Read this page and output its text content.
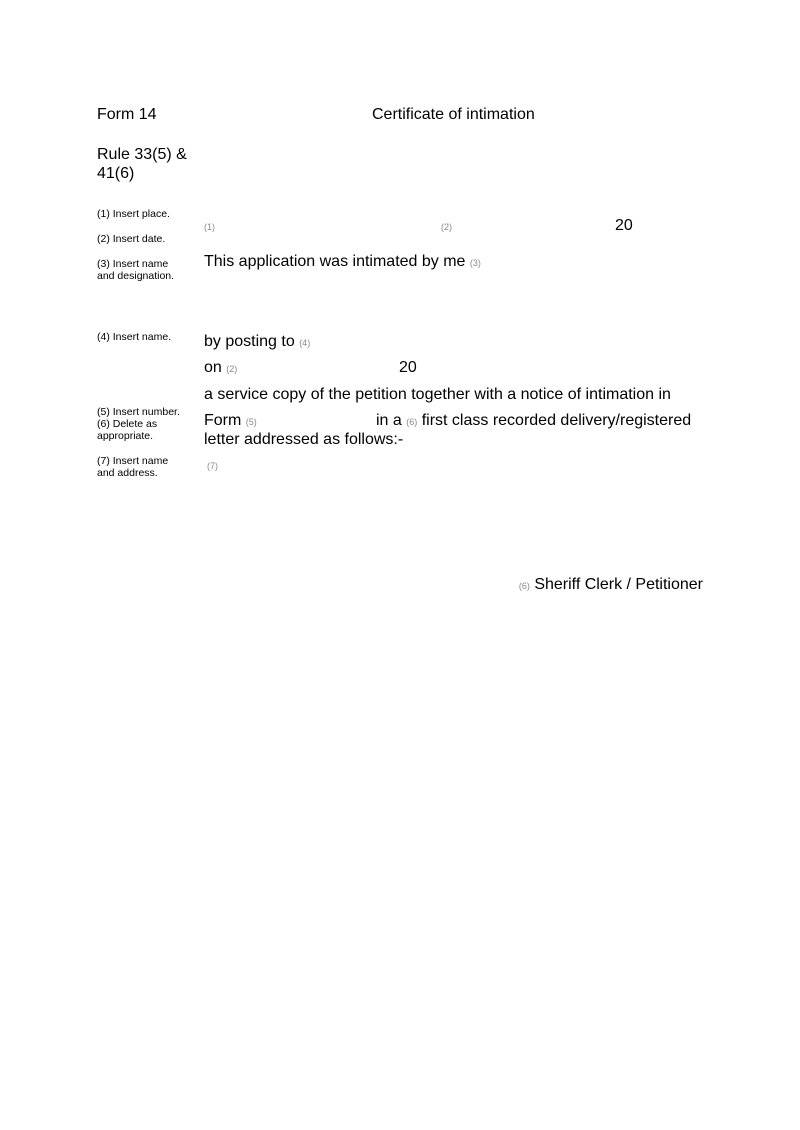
Form 14	Certificate of intimation
Rule 33(5) & 41(6)
(1) Insert place.
(2) Insert date.
(3) Insert name and designation.
(4) Insert name.
(5) Insert number.
(6) Delete as appropriate.
(7) Insert name and address.
(1)	(2)	20
This application was intimated by me (3)
by posting to (4)
on (2)	20
a service copy of the petition together with a notice of intimation in
Form (5)	in a (6) first class recorded delivery/registered
letter addressed as follows:-
(7)
(6) Sheriff Clerk / Petitioner
